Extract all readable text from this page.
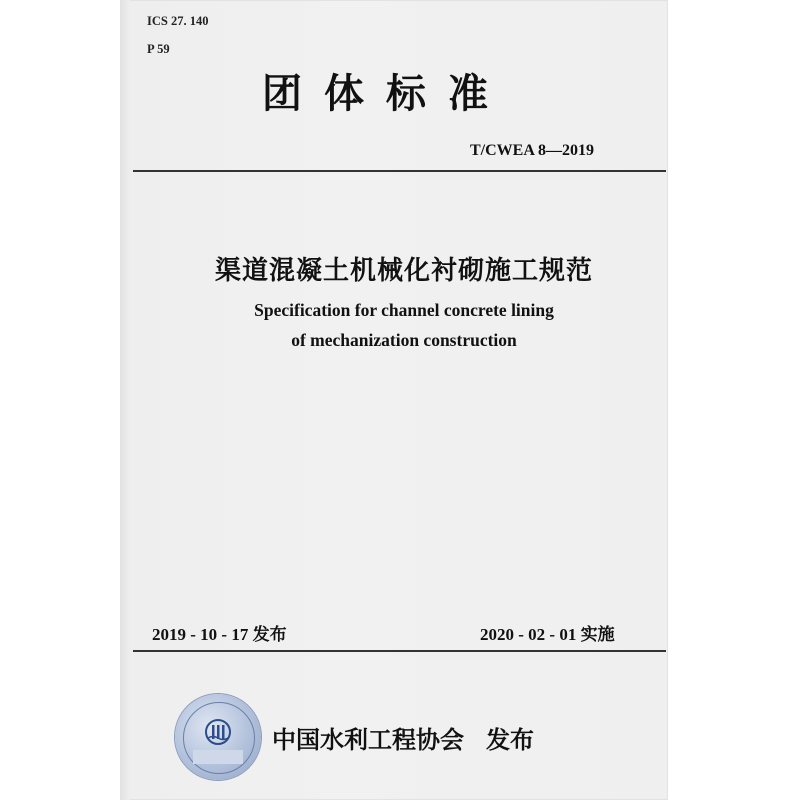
ICS 27. 140
P 59
团体标准
T/CWEA 8—2019
渠道混凝土机械化衬砌施工规范
Specification for channel concrete lining
of mechanization construction
2019 - 10 - 17 发布	2020 - 02 - 01 实施
中国水利工程协会 发布
